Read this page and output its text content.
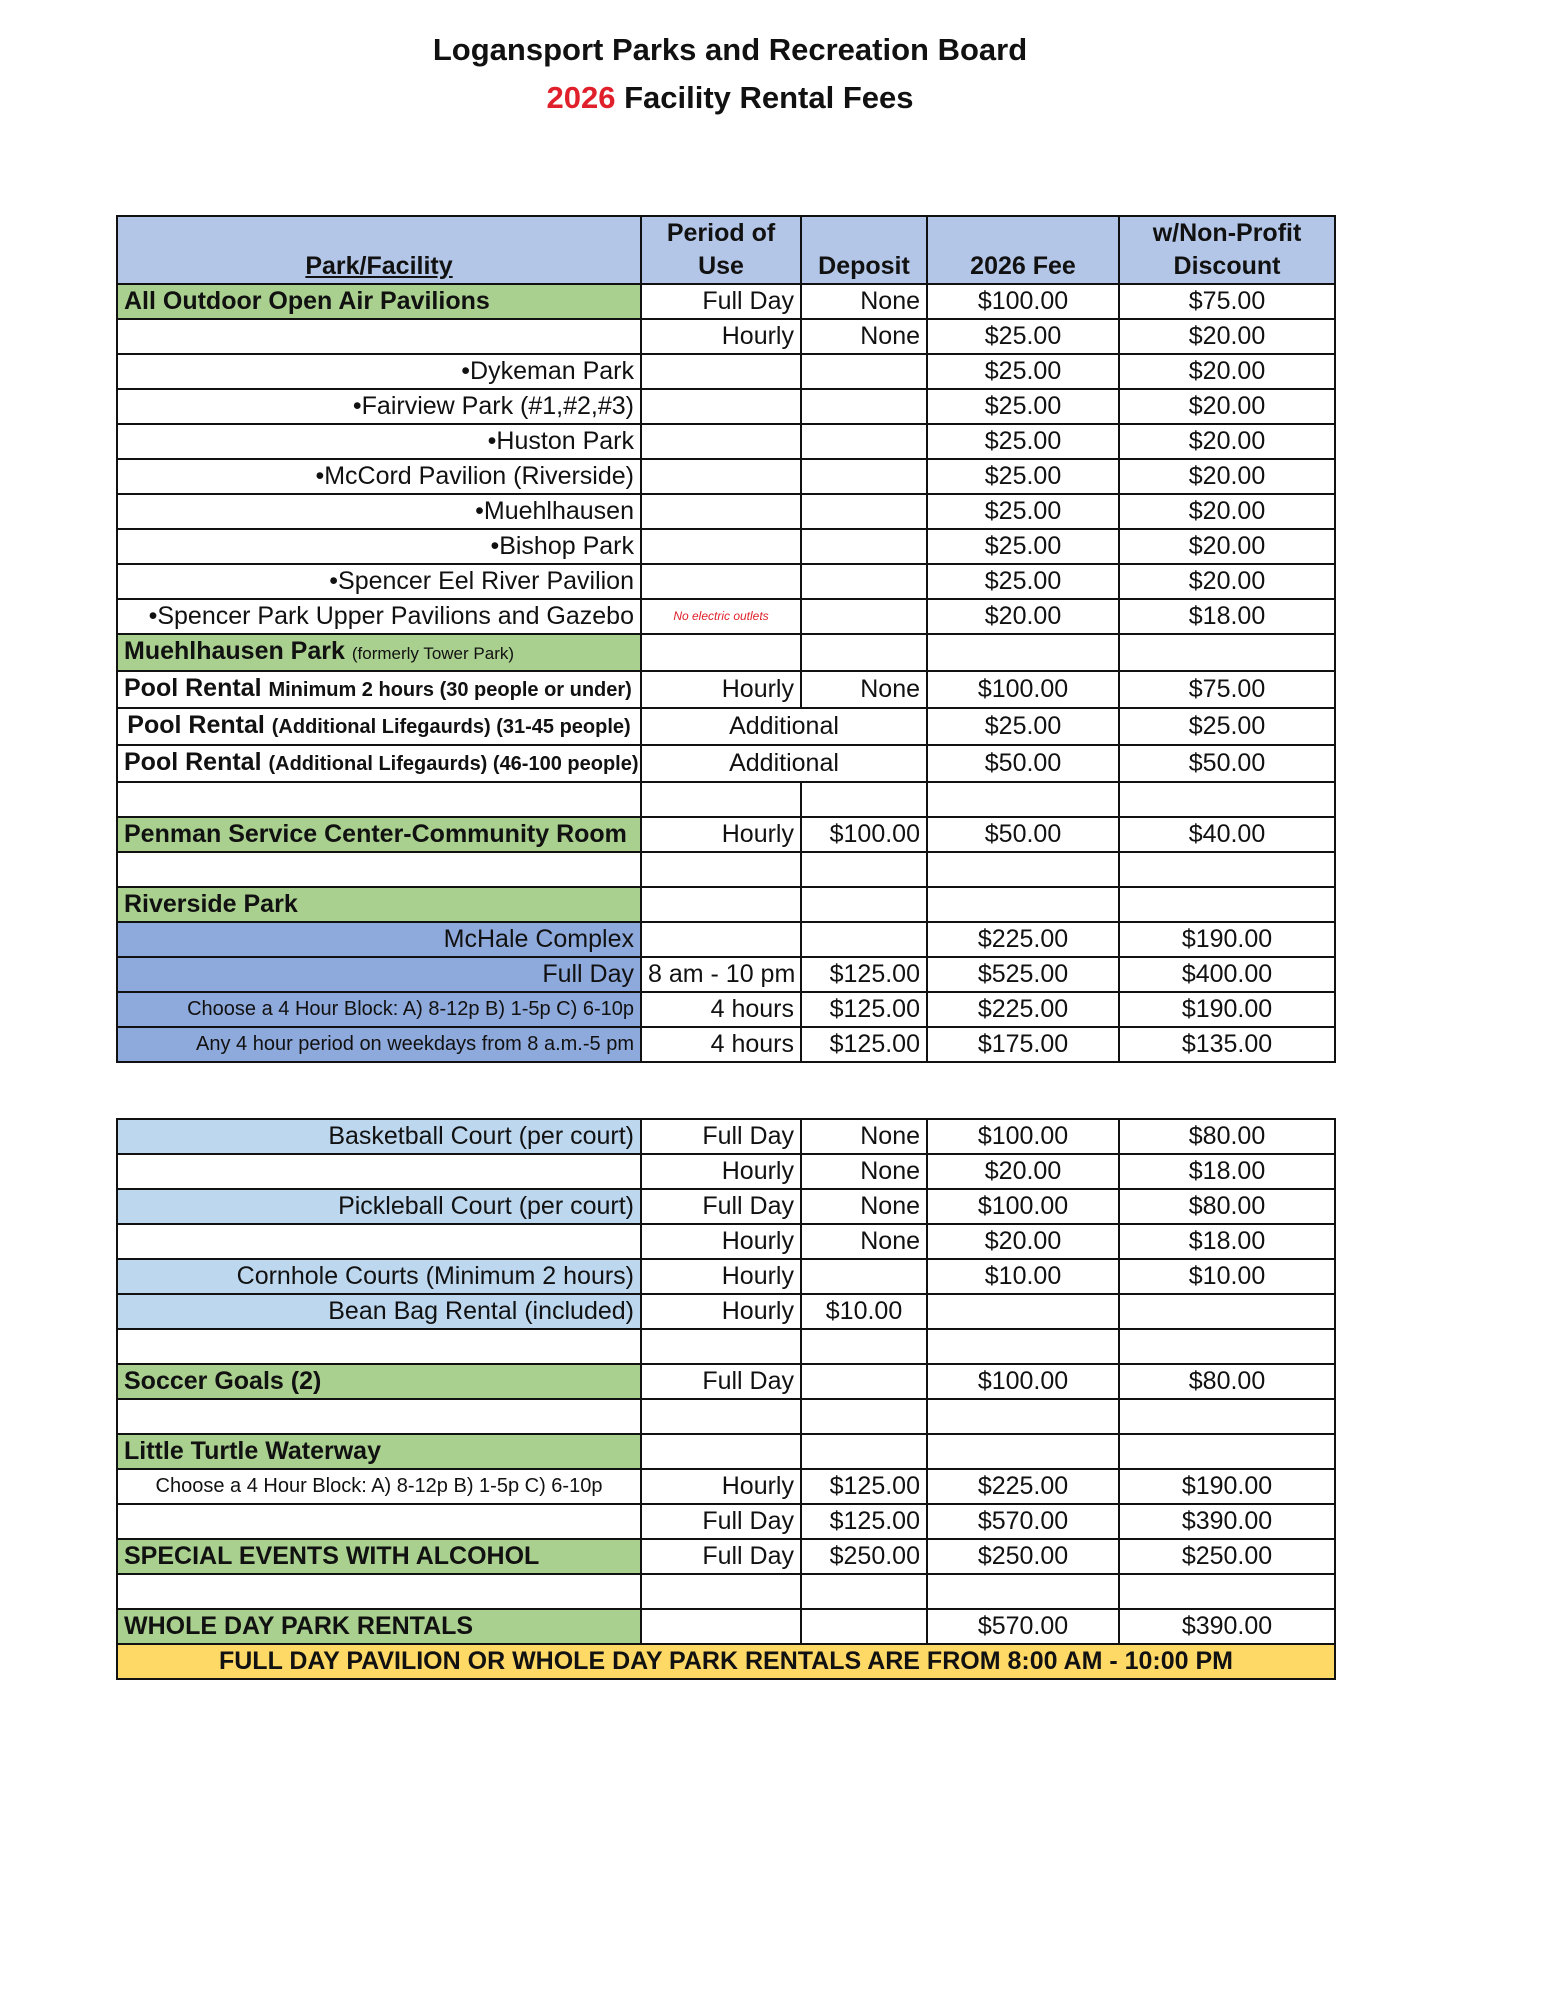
Logansport Parks and Recreation Board
2026 Facility Rental Fees
Park/Facility	Period of Use	Deposit	2026 Fee	w/Non-Profit Discount
All Outdoor Open Air Pavilions	Full Day	None	$100.00	$75.00
	Hourly	None	$25.00	$20.00
•Dykeman Park			$25.00	$20.00
•Fairview Park (#1,#2,#3)			$25.00	$20.00
•Huston Park			$25.00	$20.00
•McCord Pavilion (Riverside)			$25.00	$20.00
•Muehlhausen			$25.00	$20.00
•Bishop Park			$25.00	$20.00
•Spencer Eel River Pavilion			$25.00	$20.00
•Spencer Park Upper Pavilions and Gazebo	No electric outlets		$20.00	$18.00
Muehlhausen Park (formerly Tower Park)				
Pool Rental Minimum 2 hours (30 people or under)	Hourly	None	$100.00	$75.00
Pool Rental (Additional Lifegaurds) (31-45 people)	Additional		$25.00	$25.00
Pool Rental (Additional Lifegaurds) (46-100 people)	Additional		$50.00	$50.00

Penman Service Center-Community Room	Hourly	$100.00	$50.00	$40.00

Riverside Park				
McHale Complex			$225.00	$190.00
Full Day	8 am - 10 pm	$125.00	$525.00	$400.00
Choose a 4 Hour Block: A) 8-12p B) 1-5p C) 6-10p	4 hours	$125.00	$225.00	$190.00
Any 4 hour period on weekdays from 8 a.m.-5 pm	4 hours	$125.00	$175.00	$135.00
Basketball Court (per court)	Full Day	None	$100.00	$80.00
	Hourly	None	$20.00	$18.00
Pickleball Court (per court)	Full Day	None	$100.00	$80.00
	Hourly	None	$20.00	$18.00
Cornhole Courts (Minimum 2 hours)	Hourly		$10.00	$10.00
Bean Bag Rental (included)	Hourly	$10.00		

Soccer Goals (2)	Full Day		$100.00	$80.00

Little Turtle Waterway				
Choose a 4 Hour Block: A) 8-12p B) 1-5p C) 6-10p	Hourly	$125.00	$225.00	$190.00
	Full Day	$125.00	$570.00	$390.00
SPECIAL EVENTS WITH ALCOHOL	Full Day	$250.00	$250.00	$250.00

WHOLE DAY PARK RENTALS			$570.00	$390.00
FULL DAY PAVILION OR WHOLE DAY PARK RENTALS ARE FROM 8:00 AM - 10:00 PM				
